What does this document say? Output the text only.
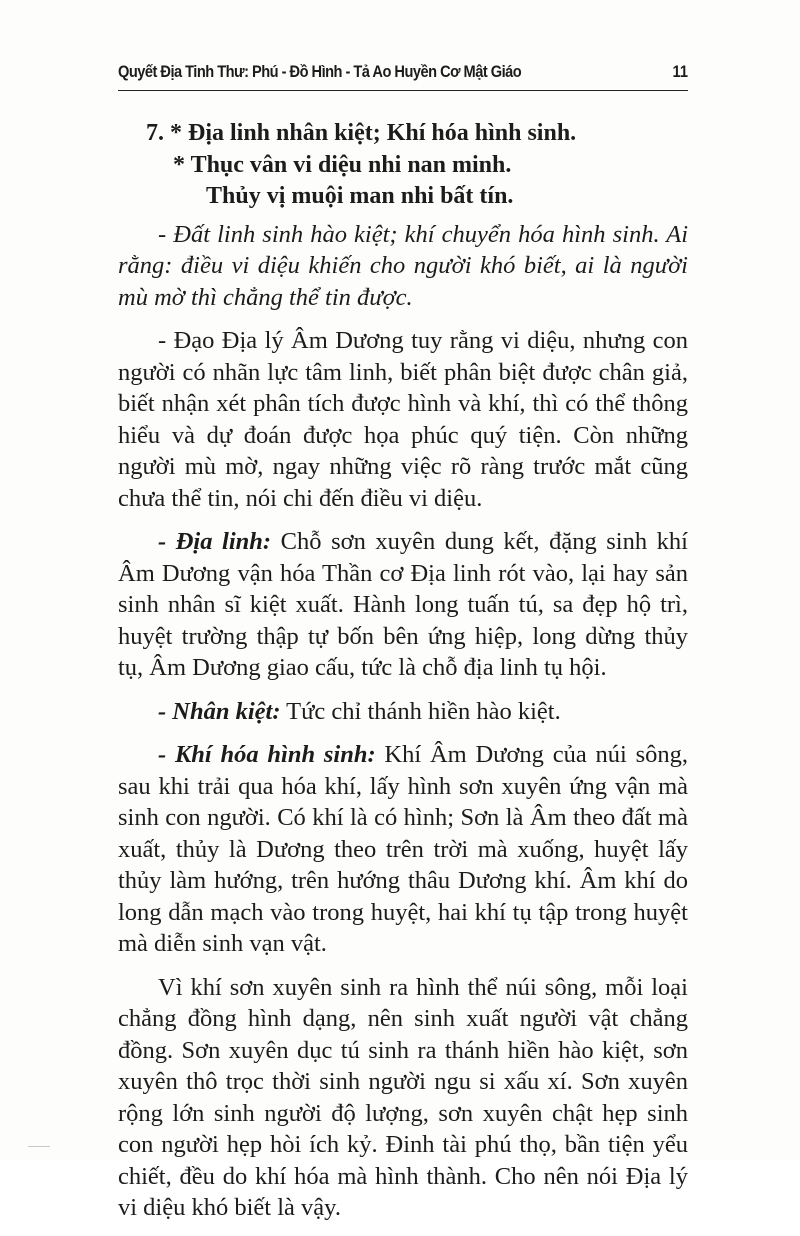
Quyết Địa Tinh Thư: Phú - Đồ Hình - Tả Ao Huyền Cơ Mật Giáo	11
7. * Địa linh nhân kiệt; Khí hóa hình sinh.
* Thục vân vi diệu nhi nan minh.
Thủy vị muội man nhi bất tín.

- Đất linh sinh hào kiệt; khí chuyển hóa hình sinh. Ai rằng: điều vi diệu khiến cho người khó biết, ai là người mù mờ thì chẳng thể tin được.

- Đạo Địa lý Âm Dương tuy rằng vi diệu, nhưng con người có nhãn lực tâm linh, biết phân biệt được chân giả, biết nhận xét phân tích được hình và khí, thì có thể thông hiểu và dự đoán được họa phúc quý tiện. Còn những người mù mờ, ngay những việc rõ ràng trước mắt cũng chưa thể tin, nói chi đến điều vi diệu.

- Địa linh: Chỗ sơn xuyên dung kết, đặng sinh khí Âm Dương vận hóa Thần cơ Địa linh rót vào, lại hay sản sinh nhân sĩ kiệt xuất. Hành long tuấn tú, sa đẹp hộ trì, huyệt trường thập tự bốn bên ứng hiệp, long dừng thủy tụ, Âm Dương giao cấu, tức là chỗ địa linh tụ hội.

- Nhân kiệt: Tức chỉ thánh hiền hào kiệt.

- Khí hóa hình sinh: Khí Âm Dương của núi sông, sau khi trải qua hóa khí, lấy hình sơn xuyên ứng vận mà sinh con người. Có khí là có hình; Sơn là Âm theo đất mà xuất, thủy là Dương theo trên trời mà xuống, huyệt lấy thủy làm hướng, trên hướng thâu Dương khí. Âm khí do long dẫn mạch vào trong huyệt, hai khí tụ tập trong huyệt mà diễn sinh vạn vật.

Vì khí sơn xuyên sinh ra hình thể núi sông, mỗi loại chẳng đồng hình dạng, nên sinh xuất người vật chẳng đồng. Sơn xuyên dục tú sinh ra thánh hiền hào kiệt, sơn xuyên thô trọc thời sinh người ngu si xấu xí. Sơn xuyên rộng lớn sinh người độ lượng, sơn xuyên chật hẹp sinh con người hẹp hòi ích kỷ. Đinh tài phú thọ, bần tiện yểu chiết, đều do khí hóa mà hình thành. Cho nên nói Địa lý vi diệu khó biết là vậy.
